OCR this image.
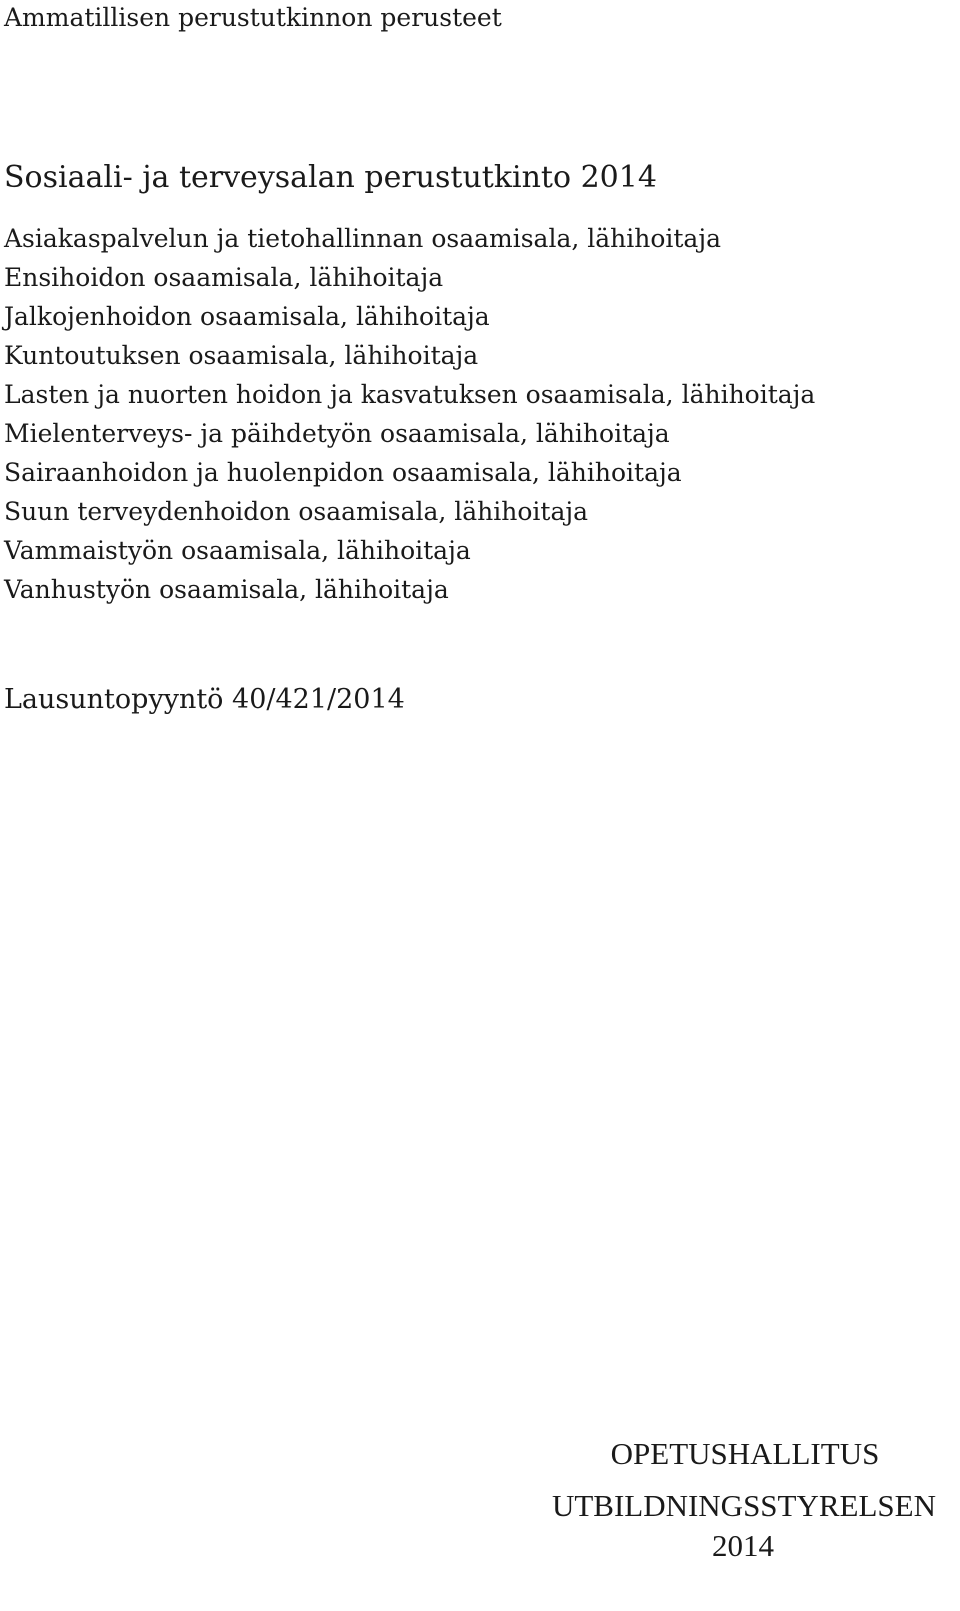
Ammatillisen perustutkinnon perusteet
Sosiaali- ja terveysalan perustutkinto 2014
Asiakaspalvelun ja tietohallinnan osaamisala, lähihoitaja
Ensihoidon osaamisala, lähihoitaja
Jalkojenhoidon osaamisala, lähihoitaja
Kuntoutuksen osaamisala, lähihoitaja
Lasten ja nuorten hoidon ja kasvatuksen osaamisala, lähihoitaja
Mielenterveys- ja päihdetyön osaamisala, lähihoitaja
Sairaanhoidon ja huolenpidon osaamisala, lähihoitaja
Suun terveydenhoidon osaamisala, lähihoitaja
Vammaistyön osaamisala, lähihoitaja
Vanhustyön osaamisala, lähihoitaja
Lausuntopyyntö 40/421/2014
OPETUSHALLITUS
UTBILDNINGSSTYRELSEN
2014
